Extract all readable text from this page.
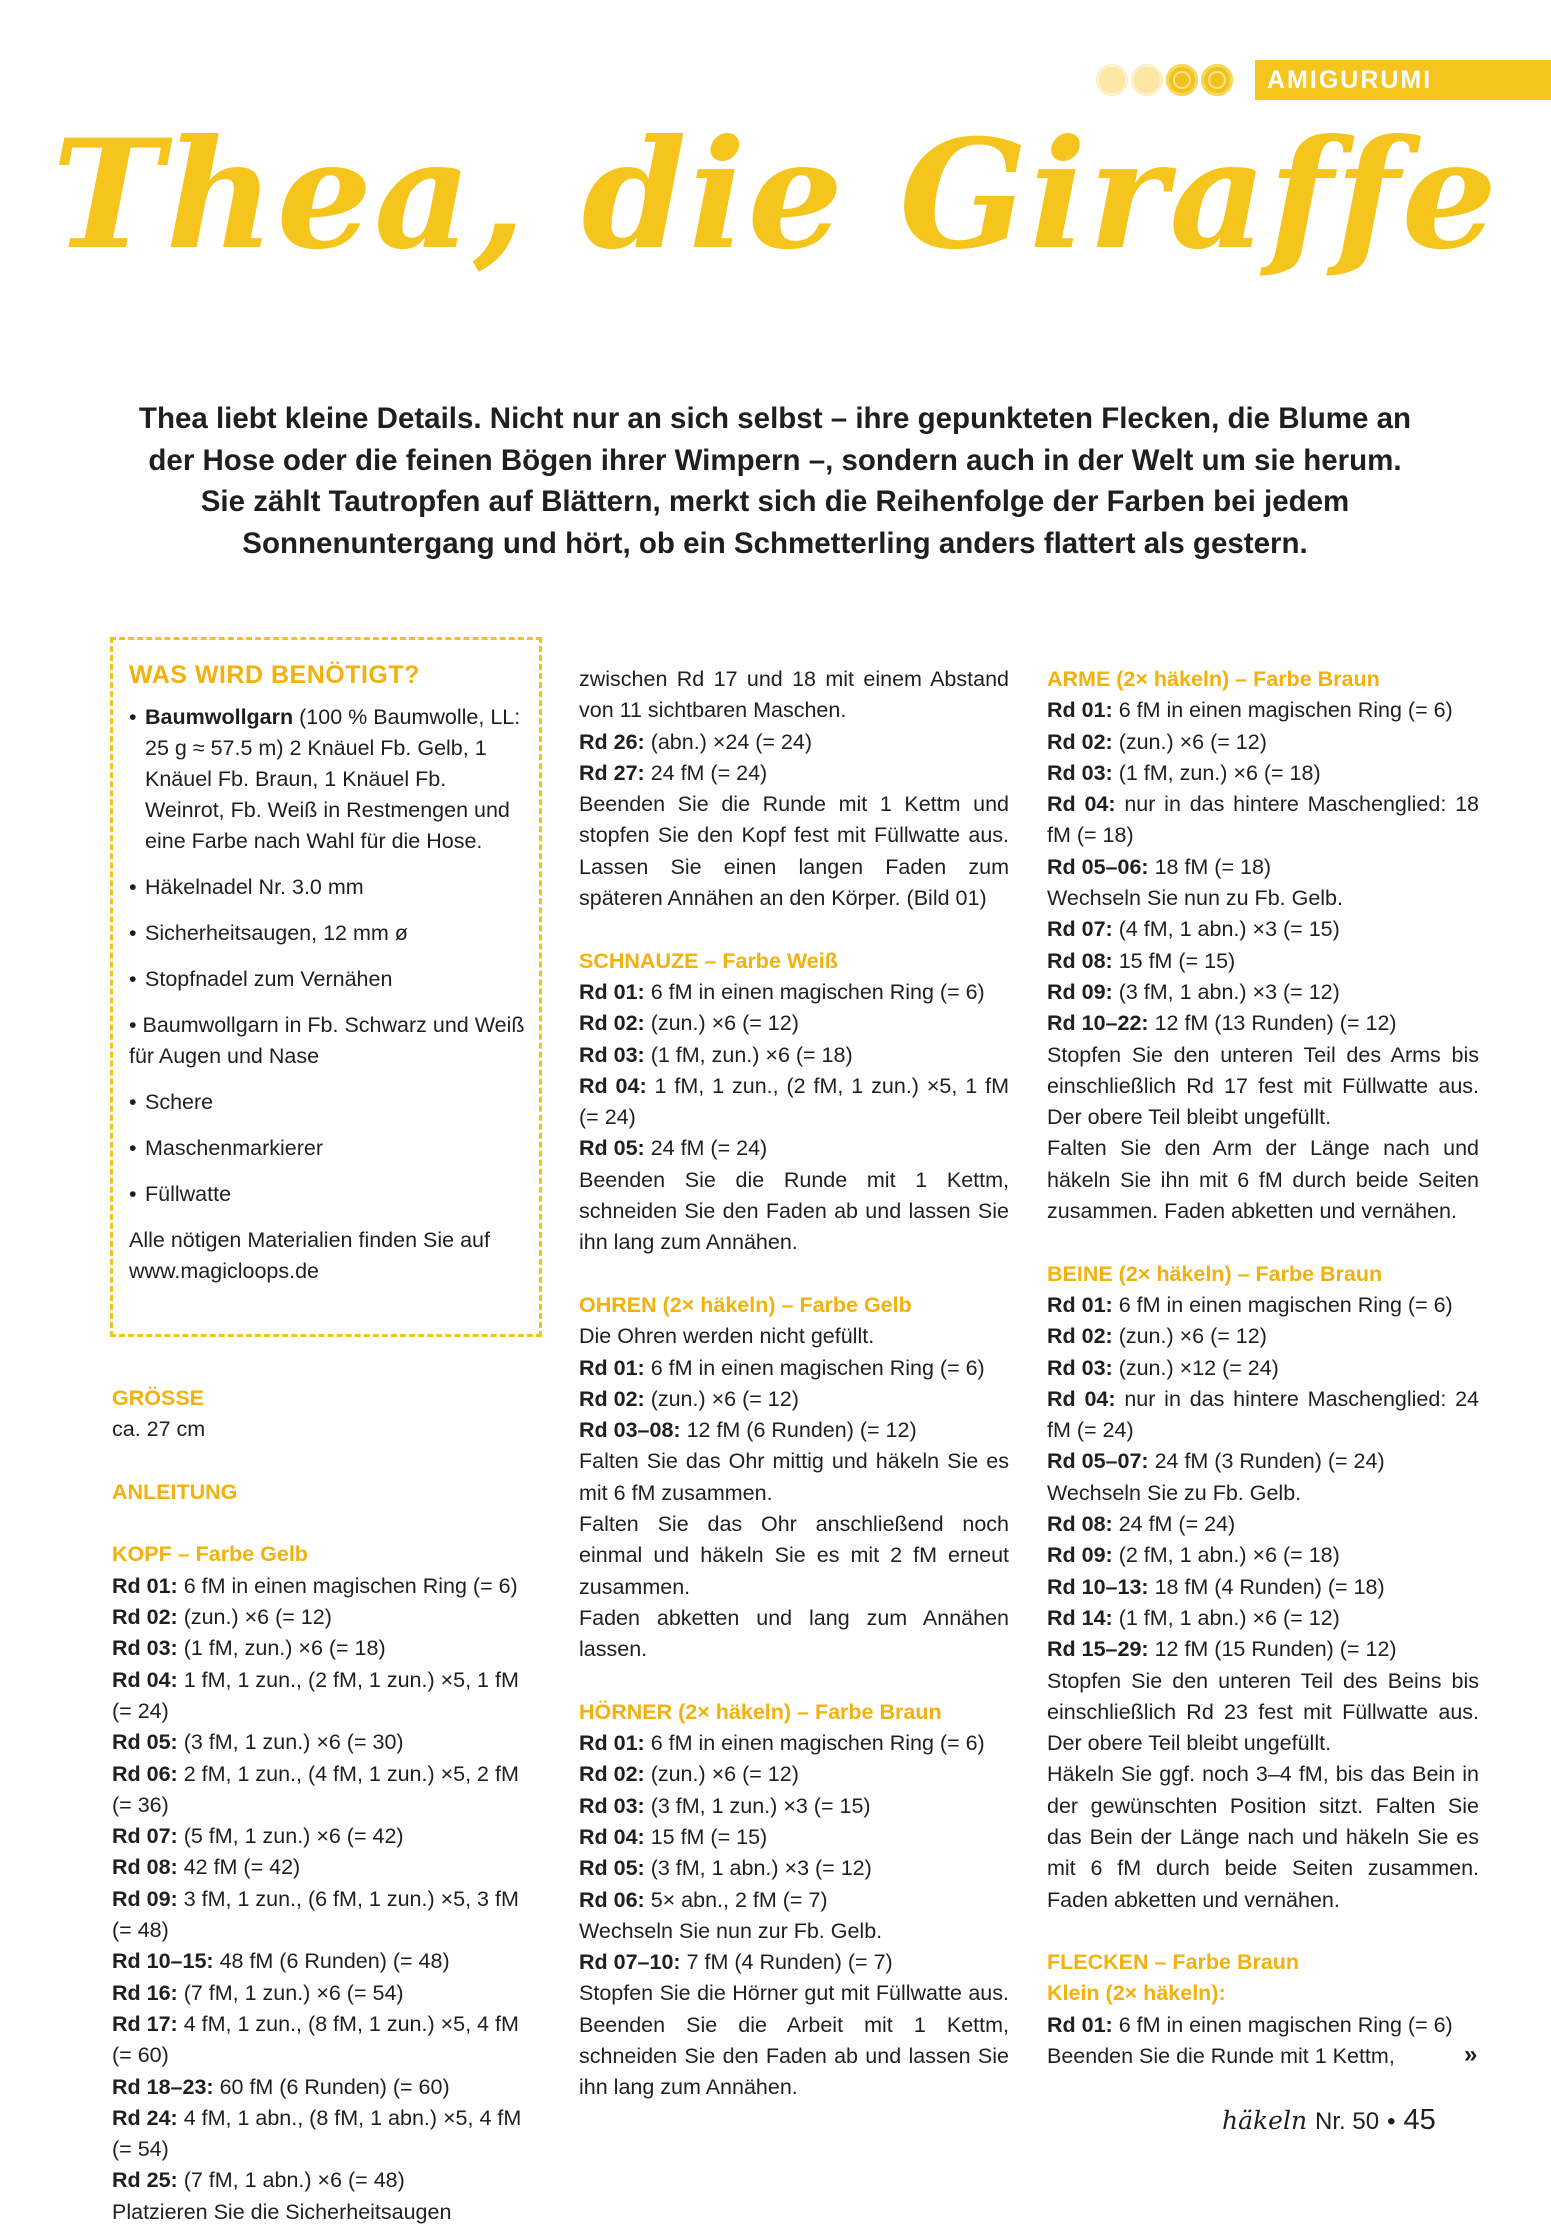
AMIGURUMI
Thea, die Giraffe
Thea liebt kleine Details. Nicht nur an sich selbst – ihre gepunkteten Flecken, die Blume an der Hose oder die feinen Bögen ihrer Wimpern –, sondern auch in der Welt um sie herum. Sie zählt Tautropfen auf Blättern, merkt sich die Reihenfolge der Farben bei jedem Sonnenuntergang und hört, ob ein Schmetterling anders flattert als gestern.

WAS WIRD BENÖTIGT?

• Baumwollgarn (100 % Baumwolle, LL: 25 g ≈ 57.5 m) 2 Knäuel Fb. Gelb, 1 Knäuel Fb. Braun, 1 Knäuel Fb. Weinrot, Fb. Weiß in Restmengen und eine Farbe nach Wahl für die Hose.
• Häkelnadel Nr. 3.0 mm
• Sicherheitsaugen, 12 mm ø
• Stopfnadel zum Vernähen
• Baumwollgarn in Fb. Schwarz und Weiß für Augen und Nase
• Schere
• Maschenmarkierer
• Füllwatte

Alle nötigen Materialien finden Sie auf www.magicloops.de

GRÖSSE

ca. 27 cm

ANLEITUNG

KOPF – Farbe Gelb

Rd 01: 6 fM in einen magischen Ring (= 6)

Rd 02: (zun.) ×6 (= 12)

Rd 03: (1 fM, zun.) ×6 (= 18)

Rd 04: 1 fM, 1 zun., (2 fM, 1 zun.) ×5, 1 fM (= 24)

Rd 05: (3 fM, 1 zun.) ×6 (= 30)

Rd 06: 2 fM, 1 zun., (4 fM, 1 zun.) ×5, 2 fM (= 36)

Rd 07: (5 fM, 1 zun.) ×6 (= 42)

Rd 08: 42 fM (= 42)

Rd 09: 3 fM, 1 zun., (6 fM, 1 zun.) ×5, 3 fM (= 48)

Rd 10–15: 48 fM (6 Runden) (= 48)

Rd 16: (7 fM, 1 zun.) ×6 (= 54)

Rd 17: 4 fM, 1 zun., (8 fM, 1 zun.) ×5, 4 fM (= 60)

Rd 18–23: 60 fM (6 Runden) (= 60)

Rd 24: 4 fM, 1 abn., (8 fM, 1 abn.) ×5, 4 fM (= 54)

Rd 25: (7 fM, 1 abn.) ×6 (= 48)

Platzieren Sie die Sicherheitsaugen

zwischen Rd 17 und 18 mit einem Abstand von 11 sichtbaren Maschen.

Rd 26: (abn.) ×24 (= 24)

Rd 27: 24 fM (= 24)

Beenden Sie die Runde mit 1 Kettm und stopfen Sie den Kopf fest mit Füllwatte aus. Lassen Sie einen langen Faden zum späteren Annähen an den Körper. (Bild 01)

SCHNAUZE – Farbe Weiß

Rd 01: 6 fM in einen magischen Ring (= 6)

Rd 02: (zun.) ×6 (= 12)

Rd 03: (1 fM, zun.) ×6 (= 18)

Rd 04: 1 fM, 1 zun., (2 fM, 1 zun.) ×5, 1 fM (= 24)

Rd 05: 24 fM (= 24)

Beenden Sie die Runde mit 1 Kettm, schneiden Sie den Faden ab und lassen Sie ihn lang zum Annähen.

OHREN (2× häkeln) – Farbe Gelb

Die Ohren werden nicht gefüllt.

Rd 01: 6 fM in einen magischen Ring (= 6)

Rd 02: (zun.) ×6 (= 12)

Rd 03–08: 12 fM (6 Runden) (= 12)

Falten Sie das Ohr mittig und häkeln Sie es mit 6 fM zusammen.

Falten Sie das Ohr anschließend noch einmal und häkeln Sie es mit 2 fM erneut zusammen.

Faden abketten und lang zum Annähen lassen.

HÖRNER (2× häkeln) – Farbe Braun

Rd 01: 6 fM in einen magischen Ring (= 6)

Rd 02: (zun.) ×6 (= 12)

Rd 03: (3 fM, 1 zun.) ×3 (= 15)

Rd 04: 15 fM (= 15)

Rd 05: (3 fM, 1 abn.) ×3 (= 12)

Rd 06: 5× abn., 2 fM (= 7)

Wechseln Sie nun zur Fb. Gelb.

Rd 07–10: 7 fM (4 Runden) (= 7)

Stopfen Sie die Hörner gut mit Füllwatte aus. Beenden Sie die Arbeit mit 1 Kettm, schneiden Sie den Faden ab und lassen Sie ihn lang zum Annähen.

ARME (2× häkeln) – Farbe Braun

Rd 01: 6 fM in einen magischen Ring (= 6)

Rd 02: (zun.) ×6 (= 12)

Rd 03: (1 fM, zun.) ×6 (= 18)

Rd 04: nur in das hintere Maschenglied: 18 fM (= 18)

Rd 05–06: 18 fM (= 18)

Wechseln Sie nun zu Fb. Gelb.

Rd 07: (4 fM, 1 abn.) ×3 (= 15)

Rd 08: 15 fM (= 15)

Rd 09: (3 fM, 1 abn.) ×3 (= 12)

Rd 10–22: 12 fM (13 Runden) (= 12)

Stopfen Sie den unteren Teil des Arms bis einschließlich Rd 17 fest mit Füllwatte aus. Der obere Teil bleibt ungefüllt.

Falten Sie den Arm der Länge nach und häkeln Sie ihn mit 6 fM durch beide Seiten zusammen. Faden abketten und vernähen.

BEINE (2× häkeln) – Farbe Braun

Rd 01: 6 fM in einen magischen Ring (= 6)

Rd 02: (zun.) ×6 (= 12)

Rd 03: (zun.) ×12 (= 24)

Rd 04: nur in das hintere Maschenglied: 24 fM (= 24)

Rd 05–07: 24 fM (3 Runden) (= 24)

Wechseln Sie zu Fb. Gelb.

Rd 08: 24 fM (= 24)

Rd 09: (2 fM, 1 abn.) ×6 (= 18)

Rd 10–13: 18 fM (4 Runden) (= 18)

Rd 14: (1 fM, 1 abn.) ×6 (= 12)

Rd 15–29: 12 fM (15 Runden) (= 12)

Stopfen Sie den unteren Teil des Beins bis einschließlich Rd 23 fest mit Füllwatte aus. Der obere Teil bleibt ungefüllt.

Häkeln Sie ggf. noch 3–4 fM, bis das Bein in der gewünschten Position sitzt. Falten Sie das Bein der Länge nach und häkeln Sie es mit 6 fM durch beide Seiten zusammen. Faden abketten und vernähen.

FLECKEN – Farbe Braun

Klein (2× häkeln):

Rd 01: 6 fM in einen magischen Ring (= 6)

Beenden Sie die Runde mit 1 Kettm,	»
häkeln Nr. 50 • 45
